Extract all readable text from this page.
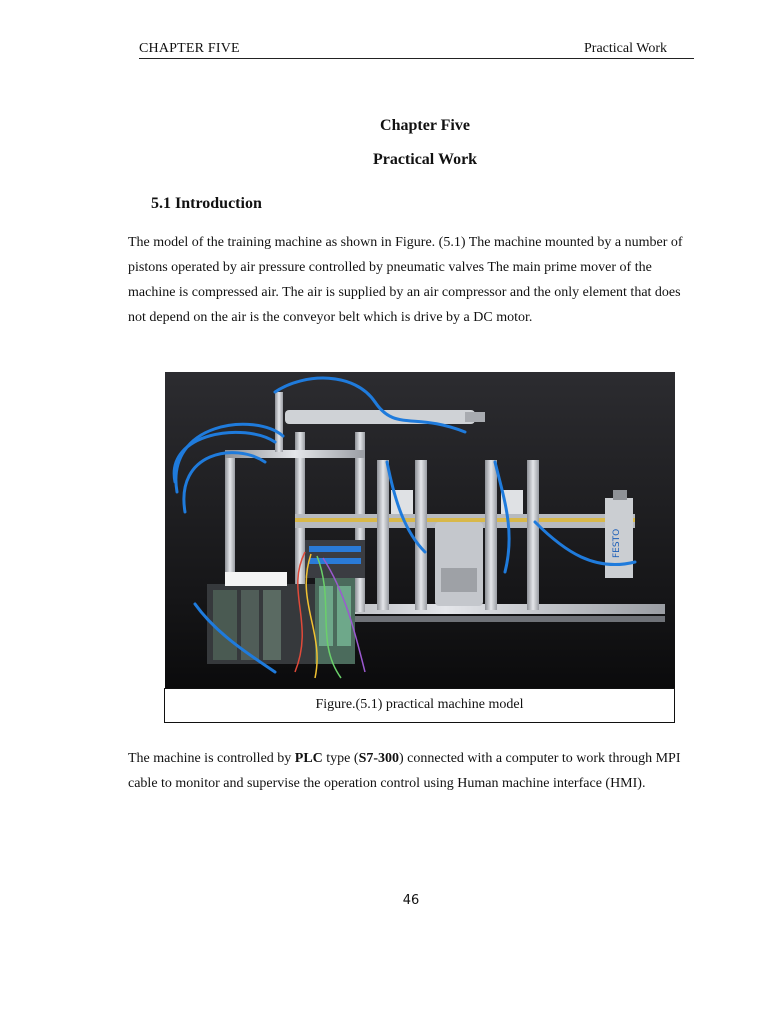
CHAPTER FIVE	Practical Work
Chapter Five
Practical Work
5.1 Introduction
The model of the training machine as shown in Figure. (5.1) The machine mounted by a number of pistons operated by air pressure controlled by pneumatic valves The main prime mover of the machine is compressed air. The air is supplied by an air compressor and the only element that does not depend on the air is the conveyor belt which is drive by a DC motor.
FESTO
Figure.(5.1) practical machine model
The machine is controlled by PLC type (S7-300) connected with a computer to work through MPI cable to monitor and supervise the operation control using Human machine interface (HMI).
46
